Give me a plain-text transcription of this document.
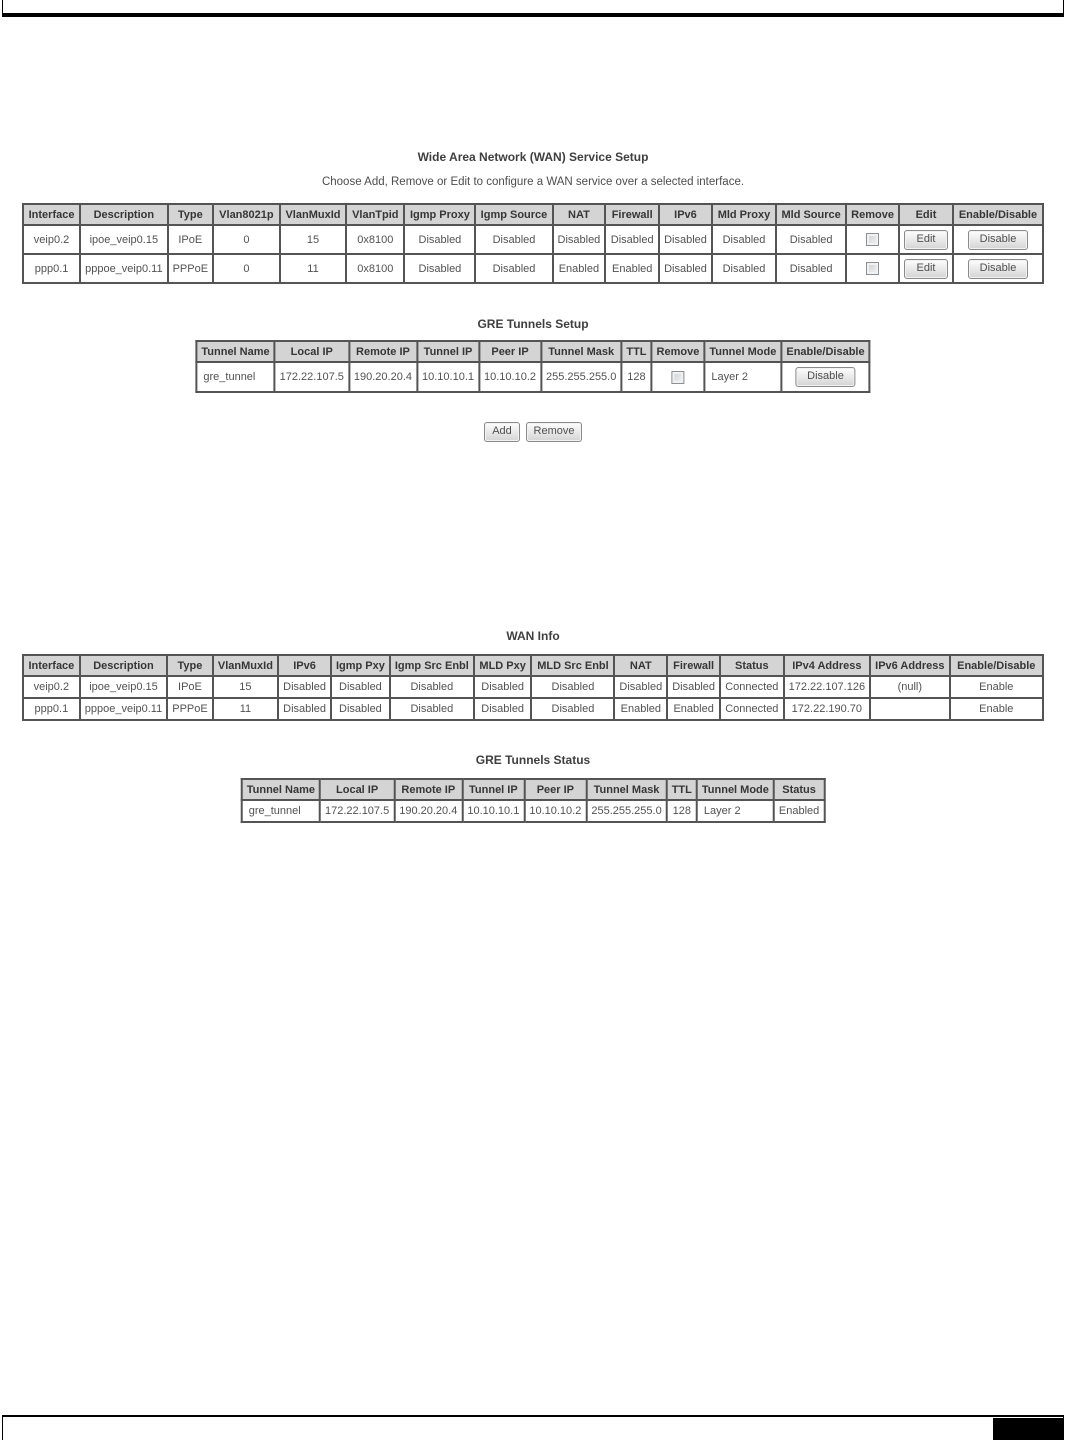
Wide Area Network (WAN) Service Setup
Choose Add, Remove or Edit to configure a WAN service over a selected interface.
Interface	Description	Type	Vlan8021p	VlanMuxId	VlanTpid	Igmp Proxy	Igmp Source	NAT	Firewall	IPv6	Mld Proxy	Mld Source	Remove	Edit	Enable/Disable
veip0.2	ipoe_veip0.15	IPoE	0	15	0x8100	Disabled	Disabled	Disabled	Disabled	Disabled	Disabled	Disabled		Edit	Disable
ppp0.1	pppoe_veip0.11	PPPoE	0	11	0x8100	Disabled	Disabled	Enabled	Enabled	Disabled	Disabled	Disabled		Edit	Disable
GRE Tunnels Setup
Tunnel Name	Local IP	Remote IP	Tunnel IP	Peer IP	Tunnel Mask	TTL	Remove	Tunnel Mode	Enable/Disable
gre_tunnel	172.22.107.5	190.20.20.4	10.10.10.1	10.10.10.2	255.255.255.0	128		Layer 2	Disable
Add Remove
WAN Info
Interface	Description	Type	VlanMuxId	IPv6	Igmp Pxy	Igmp Src Enbl	MLD Pxy	MLD Src Enbl	NAT	Firewall	Status	IPv4 Address	IPv6 Address	Enable/Disable
veip0.2	ipoe_veip0.15	IPoE	15	Disabled	Disabled	Disabled	Disabled	Disabled	Disabled	Disabled	Connected	172.22.107.126	(null)	Enable
ppp0.1	pppoe_veip0.11	PPPoE	11	Disabled	Disabled	Disabled	Disabled	Disabled	Enabled	Enabled	Connected	172.22.190.70		Enable
GRE Tunnels Status
Tunnel Name	Local IP	Remote IP	Tunnel IP	Peer IP	Tunnel Mask	TTL	Tunnel Mode	Status
gre_tunnel	172.22.107.5	190.20.20.4	10.10.10.1	10.10.10.2	255.255.255.0	128	Layer 2	Enabled
